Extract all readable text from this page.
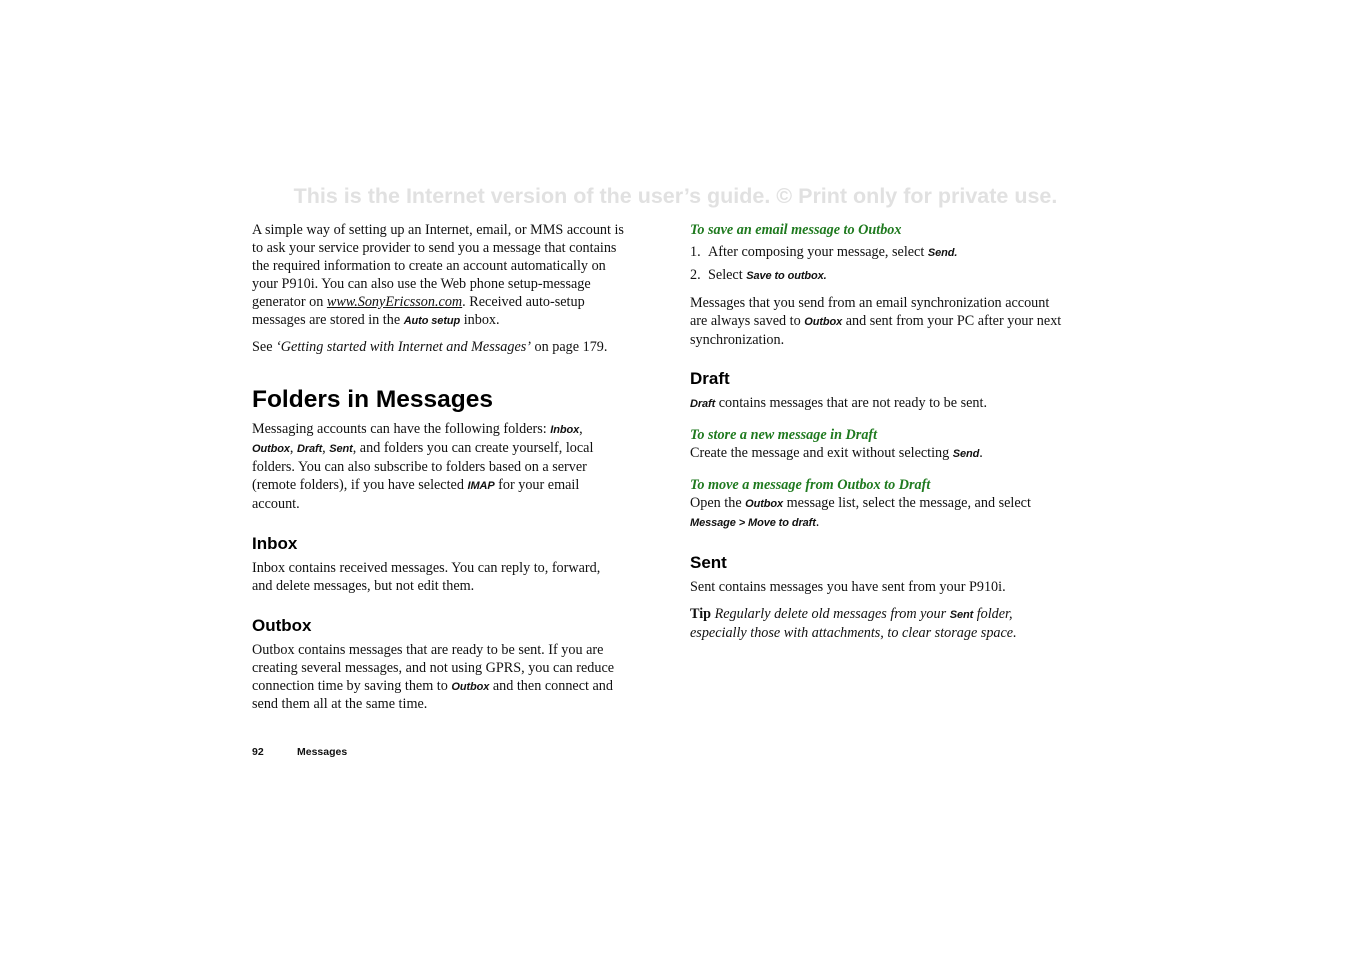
This is the Internet version of the user’s guide. © Print only for private use.

A simple way of setting up an Internet, email, or MMS account is to ask your service provider to send you a message that contains the required information to create an account automatically on your P910i. You can also use the Web phone setup-message generator on www.SonyEricsson.com. Received auto-setup messages are stored in the Auto setup inbox.

See ‘Getting started with Internet and Messages’ on page 179.

Folders in Messages

Messaging accounts can have the following folders: Inbox, Outbox, Draft, Sent, and folders you can create yourself, local folders. You can also subscribe to folders based on a server (remote folders), if you have selected IMAP for your email account.

Inbox

Inbox contains received messages. You can reply to, forward, and delete messages, but not edit them.

Outbox

Outbox contains messages that are ready to be sent. If you are creating several messages, and not using GPRS, you can reduce connection time by saving them to Outbox and then connect and send them all at the same time.

To save an email message to Outbox
1. After composing your message, select Send.
2. Select Save to outbox.

Messages that you send from an email synchronization account are always saved to Outbox and sent from your PC after your next synchronization.

Draft

Draft contains messages that are not ready to be sent.

To store a new message in Draft

Create the message and exit without selecting Send.

To move a message from Outbox to Draft

Open the Outbox message list, select the message, and select Message > Move to draft.

Sent

Sent contains messages you have sent from your P910i.

Tip Regularly delete old messages from your Sent folder, especially those with attachments, to clear storage space.

92	Messages
